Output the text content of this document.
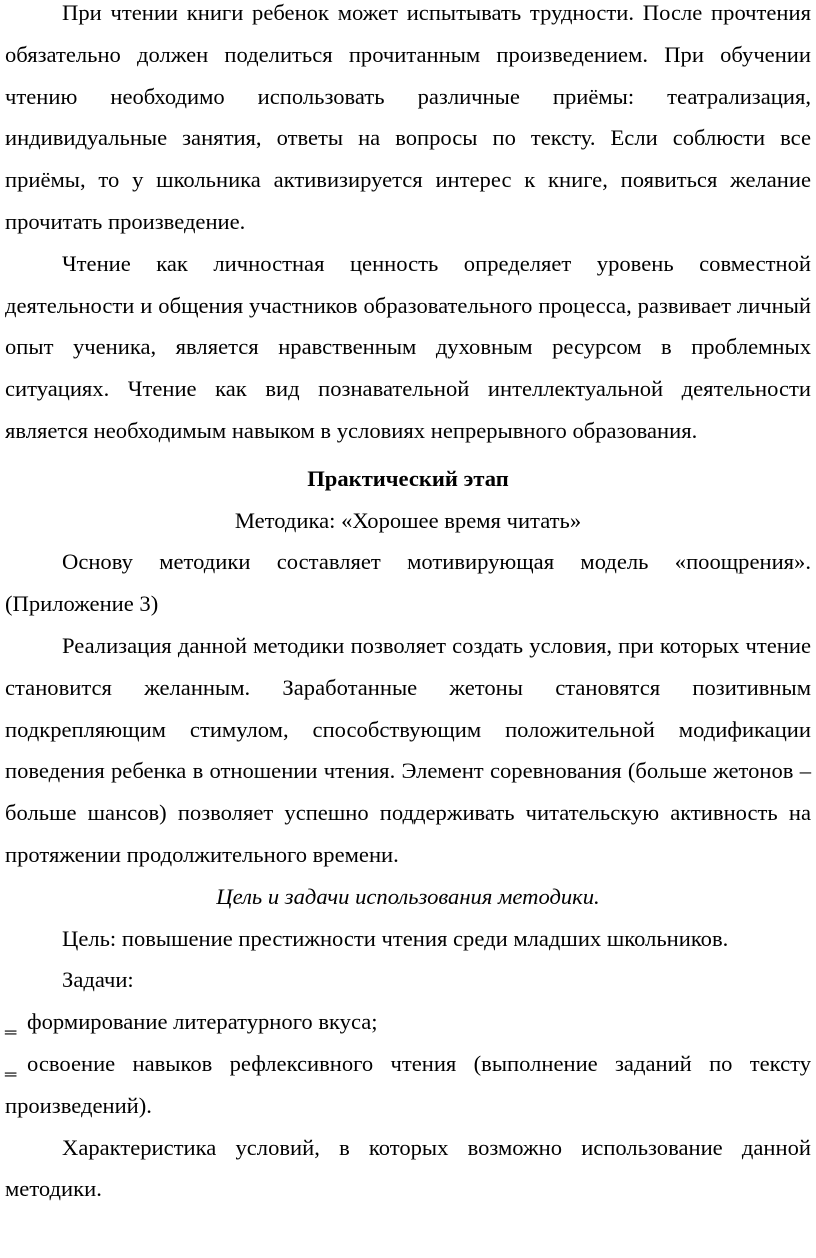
При чтении книги ребенок может испытывать трудности. После прочтения обязательно должен поделиться прочитанным произведением. При обучении чтению необходимо использовать различные приёмы: театрализация, индивидуальные занятия, ответы на вопросы по тексту. Если соблюсти все приёмы, то у школьника активизируется интерес к книге, появиться желание прочитать произведение.

Чтение как личностная ценность определяет уровень совместной деятельности и общения участников образовательного процесса, развивает личный опыт ученика, является нравственным духовным ресурсом в проблемных ситуациях. Чтение как вид познавательной интеллектуальной деятельности является необходимым навыком в условиях непрерывного образования.

Практический этап

Методика: «Хорошее время читать»

Основу методики составляет мотивирующая модель «поощрения». (Приложение 3)

Реализация данной методики позволяет создать условия, при которых чтение становится желанным. Заработанные жетоны становятся позитивным подкрепляющим стимулом, способствующим положительной модификации поведения ребенка в отношении чтения. Элемент соревнования (больше жетонов – больше шансов) позволяет успешно поддерживать читательскую активность на протяжении продолжительного времени.

Цель и задачи использования методики.

Цель: повышение престижности чтения среди младших школьников.

Задачи:

‗ формирование литературного вкуса;

‗ освоение навыков рефлексивного чтения (выполнение заданий по тексту произведений).

Характеристика условий, в которых возможно использование данной методики.
